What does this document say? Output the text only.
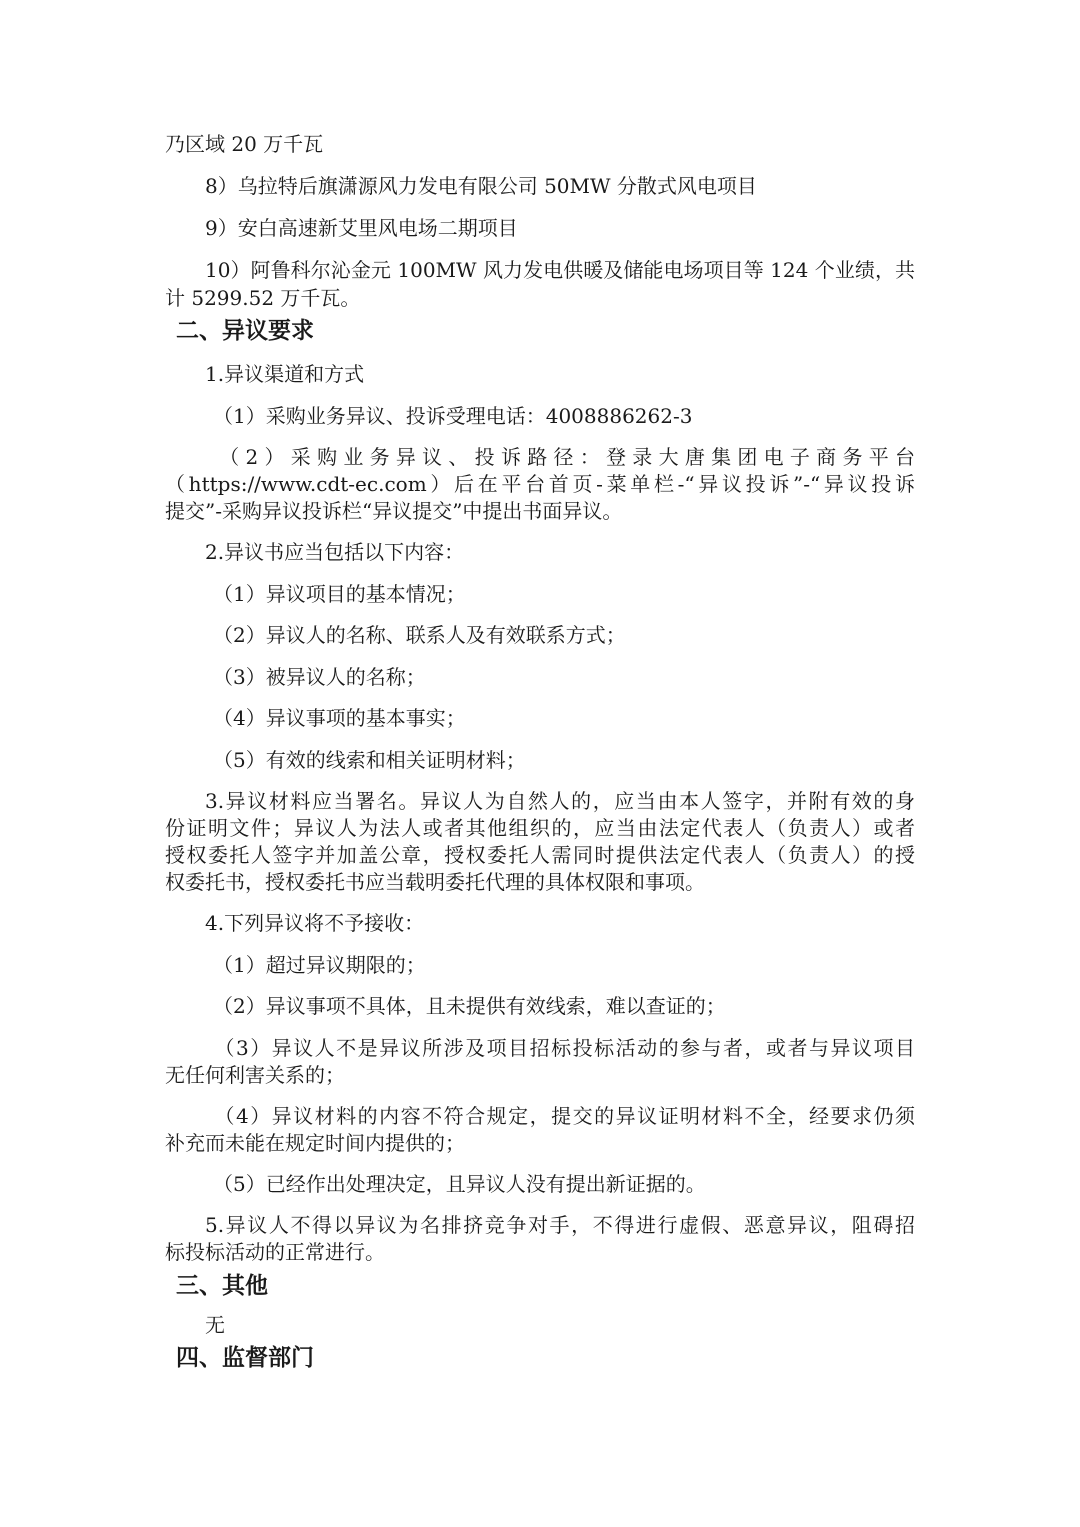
乃区域 20 万千瓦
8）乌拉特后旗潇源风力发电有限公司 50MW 分散式风电项目
9）安白高速新艾里风电场二期项目
10）阿鲁科尔沁金元 100MW 风力发电供暖及储能电场项目等 124 个业绩，共
计 5299.52 万千瓦。
二、异议要求
1.异议渠道和方式
（1）采购业务异议、投诉受理电话：4008886262-3
（2）采购业务异议、投诉路径：登录大唐集团电子商务平台
（https://www.cdt-ec.com）后在平台首页-菜单栏-“异议投诉”-“异议投诉
提交”-采购异议投诉栏“异议提交”中提出书面异议。
2.异议书应当包括以下内容：
（1）异议项目的基本情况；
（2）异议人的名称、联系人及有效联系方式；
（3）被异议人的名称；
（4）异议事项的基本事实；
（5）有效的线索和相关证明材料；
3.异议材料应当署名。异议人为自然人的，应当由本人签字，并附有效的身
份证明文件；异议人为法人或者其他组织的，应当由法定代表人（负责人）或者
授权委托人签字并加盖公章，授权委托人需同时提供法定代表人（负责人）的授
权委托书，授权委托书应当载明委托代理的具体权限和事项。
4.下列异议将不予接收：
（1）超过异议期限的；
（2）异议事项不具体，且未提供有效线索，难以查证的；
（3）异议人不是异议所涉及项目招标投标活动的参与者，或者与异议项目
无任何利害关系的；
（4）异议材料的内容不符合规定，提交的异议证明材料不全，经要求仍须
补充而未能在规定时间内提供的；
（5）已经作出处理决定，且异议人没有提出新证据的。
5.异议人不得以异议为名排挤竞争对手，不得进行虚假、恶意异议，阻碍招
标投标活动的正常进行。
三、其他
无
四、监督部门
